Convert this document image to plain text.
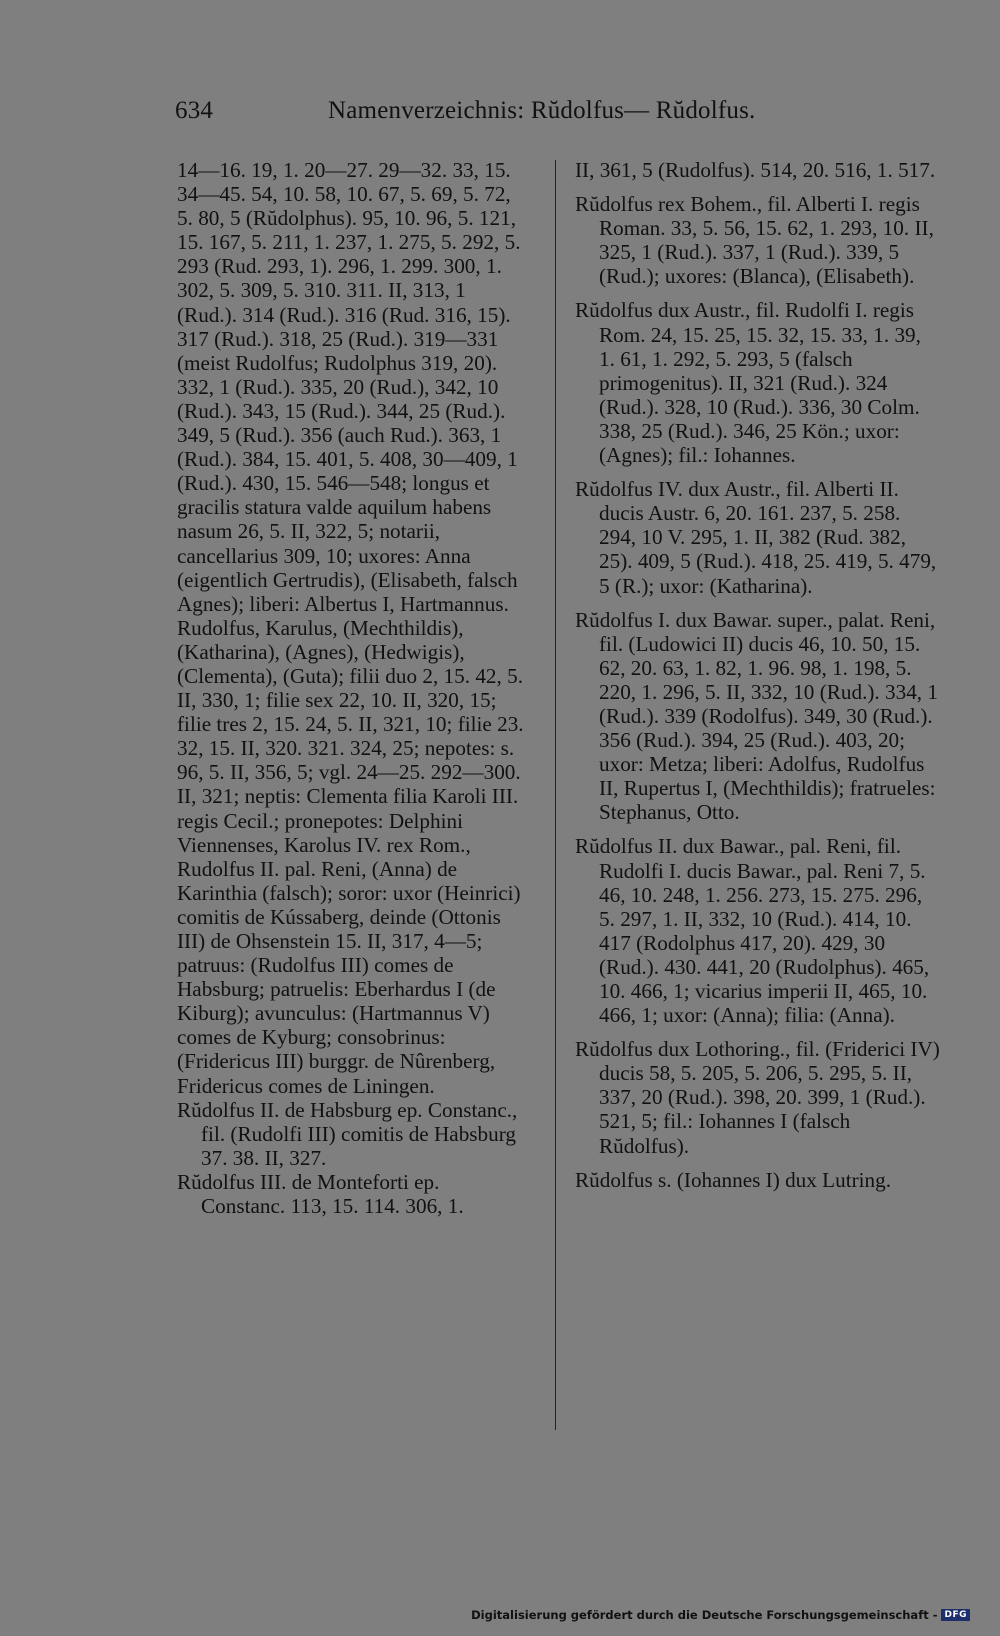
634	Namenverzeichnis: Rŭdolfus— Rŭdolfus.

14—16. 19, 1. 20—27. 29—32. 33, 15. 34—45. 54, 10. 58, 10. 67, 5. 69, 5. 72, 5. 80, 5 (Rŭdolphus). 95, 10. 96, 5. 121, 15. 167, 5. 211, 1. 237, 1. 275, 5. 292, 5. 293 (Rud. 293, 1). 296, 1. 299. 300, 1. 302, 5. 309, 5. 310. 311. II, 313, 1 (Rud.). 314 (Rud.). 316 (Rud. 316, 15). 317 (Rud.). 318, 25 (Rud.). 319—331 (meist Rudolfus; Rudolphus 319, 20). 332, 1 (Rud.). 335, 20 (Rud.), 342, 10 (Rud.). 343, 15 (Rud.). 344, 25 (Rud.). 349, 5 (Rud.). 356 (auch Rud.). 363, 1 (Rud.). 384, 15. 401, 5. 408, 30—409, 1 (Rud.). 430, 15. 546—548; longus et gracilis statura valde aquilum habens nasum 26, 5. II, 322, 5; notarii, cancellarius 309, 10; uxores: Anna (eigentlich Gertrudis), (Elisabeth, falsch Agnes); liberi: Albertus I, Hartmannus. Rudolfus, Karulus, (Mechthildis), (Katharina), (Agnes), (Hedwigis), (Clementa), (Guta); filii duo 2, 15. 42, 5. II, 330, 1; filie sex 22, 10. II, 320, 15; filie tres 2, 15. 24, 5. II, 321, 10; filie 23. 32, 15. II, 320. 321. 324, 25; nepotes: s. 96, 5. II, 356, 5; vgl. 24—25. 292—300. II, 321; neptis: Clementa filia Karoli III. regis Cecil.; pronepotes: Delphini Viennenses, Karolus IV. rex Rom., Rudolfus II. pal. Reni, (Anna) de Karinthia (falsch); soror: uxor (Heinrici) comitis de Kússaberg, deinde (Ottonis III) de Ohsenstein 15. II, 317, 4—5; patruus: (Rudolfus III) comes de Habsburg; patruelis: Eberhardus I (de Kiburg); avunculus: (Hartmannus V) comes de Kyburg; consobrinus: (Fridericus III) burggr. de Nûrenberg, Fridericus comes de Liningen.

Rŭdolfus II. de Habsburg ep. Constanc., fil. (Rudolfi III) comitis de Habsburg 37. 38. II, 327.

Rŭdolfus III. de Monteforti ep. Constanc. 113, 15. 114. 306, 1.

II, 361, 5 (Rudolfus). 514, 20. 516, 1. 517.

Rŭdolfus rex Bohem., fil. Alberti I. regis Roman. 33, 5. 56, 15. 62, 1. 293, 10. II, 325, 1 (Rud.). 337, 1 (Rud.). 339, 5 (Rud.); uxores: (Blanca), (Elisabeth).

Rŭdolfus dux Austr., fil. Rudolfi I. regis Rom. 24, 15. 25, 15. 32, 15. 33, 1. 39, 1. 61, 1. 292, 5. 293, 5 (falsch primogenitus). II, 321 (Rud.). 324 (Rud.). 328, 10 (Rud.). 336, 30 Colm. 338, 25 (Rud.). 346, 25 Kön.; uxor: (Agnes); fil.: Iohannes.

Rŭdolfus IV. dux Austr., fil. Alberti II. ducis Austr. 6, 20. 161. 237, 5. 258. 294, 10 V. 295, 1. II, 382 (Rud. 382, 25). 409, 5 (Rud.). 418, 25. 419, 5. 479, 5 (R.); uxor: (Katharina).

Rŭdolfus I. dux Bawar. super., palat. Reni, fil. (Ludowici II) ducis 46, 10. 50, 15. 62, 20. 63, 1. 82, 1. 96. 98, 1. 198, 5. 220, 1. 296, 5. II, 332, 10 (Rud.). 334, 1 (Rud.). 339 (Rodolfus). 349, 30 (Rud.). 356 (Rud.). 394, 25 (Rud.). 403, 20; uxor: Metza; liberi: Adolfus, Rudolfus II, Rupertus I, (Mechthildis); fratrueles: Stephanus, Otto.

Rŭdolfus II. dux Bawar., pal. Reni, fil. Rudolfi I. ducis Bawar., pal. Reni 7, 5. 46, 10. 248, 1. 256. 273, 15. 275. 296, 5. 297, 1. II, 332, 10 (Rud.). 414, 10. 417 (Rodolphus 417, 20). 429, 30 (Rud.). 430. 441, 20 (Rudolphus). 465, 10. 466, 1; vicarius imperii II, 465, 10. 466, 1; uxor: (Anna); filia: (Anna).

Rŭdolfus dux Lothoring., fil. (Friderici IV) ducis 58, 5. 205, 5. 206, 5. 295, 5. II, 337, 20 (Rud.). 398, 20. 399, 1 (Rud.). 521, 5; fil.: Iohannes I (falsch Rŭdolfus).

Rŭdolfus s. (Iohannes I) dux Lutring.

Digitalisierung gefördert durch die Deutsche Forschungsgemeinschaft - DFG
